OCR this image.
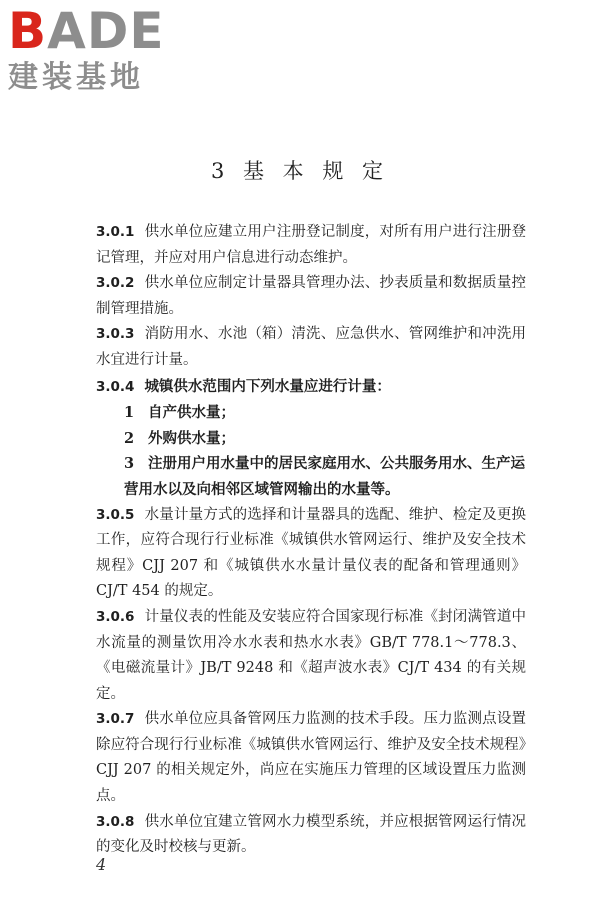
BADE
建装基地
3 基 本 规 定

3.0.1 供水单位应建立用户注册登记制度，对所有用户进行注册登记管理，并应对用户信息进行动态维护。

3.0.2 供水单位应制定计量器具管理办法、抄表质量和数据质量控制管理措施。

3.0.3 消防用水、水池（箱）清洗、应急供水、管网维护和冲洗用水宜进行计量。

3.0.4 城镇供水范围内下列水量应进行计量：

1 自产供水量；

2 外购供水量；

3 注册用户用水量中的居民家庭用水、公共服务用水、生产运营用水以及向相邻区域管网输出的水量等。

3.0.5 水量计量方式的选择和计量器具的选配、维护、检定及更换工作，应符合现行行业标准《城镇供水管网运行、维护及安全技术规程》CJJ 207 和《城镇供水水量计量仪表的配备和管理通则》CJ/T 454 的规定。

3.0.6 计量仪表的性能及安装应符合国家现行标准《封闭满管道中水流量的测量饮用冷水水表和热水水表》GB/T 778.1～778.3、《电磁流量计》JB/T 9248 和《超声波水表》CJ/T 434 的有关规定。

3.0.7 供水单位应具备管网压力监测的技术手段。压力监测点设置除应符合现行行业标准《城镇供水管网运行、维护及安全技术规程》CJJ 207 的相关规定外，尚应在实施压力管理的区域设置压力监测点。

3.0.8 供水单位宜建立管网水力模型系统，并应根据管网运行情况的变化及时校核与更新。

4
